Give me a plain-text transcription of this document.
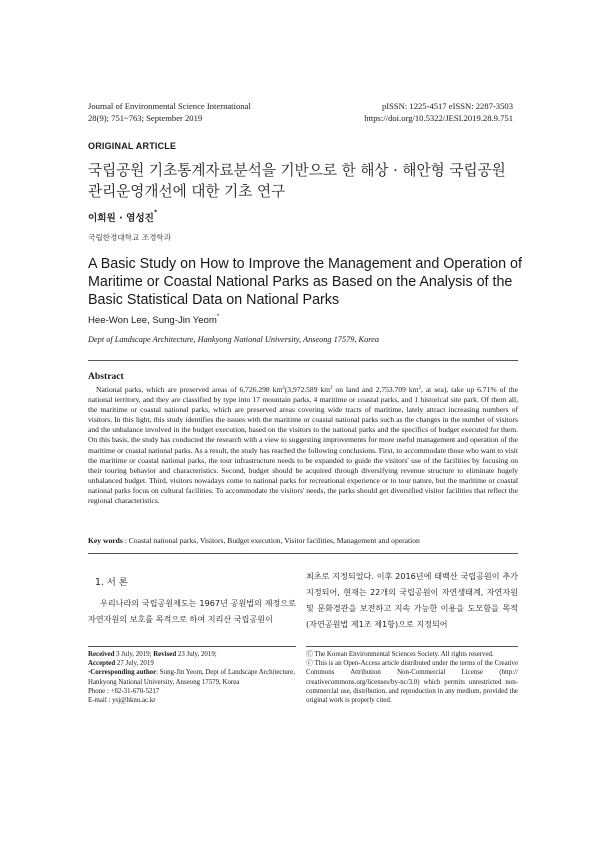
Journal of Environmental Science International
28(9); 751~763; September 2019
pISSN: 1225-4517 eISSN: 2287-3503
https://doi.org/10.5322/JESI.2019.28.9.751
ORIGINAL ARTICLE
국립공원 기초통계자료분석을 기반으로 한 해상 · 해안형 국립공원
관리운영개선에 대한 기초 연구
이희원 · 염성진*
국립한경대학교 조경학과
A Basic Study on How to Improve the Management and Operation of Maritime or Coastal National Parks as Based on the Analysis of the Basic Statistical Data on National Parks
Hee-Won Lee, Sung-Jin Yeom*
Dept of Landscape Architecture, Hankyong National University, Anseong 17579, Korea
Abstract
National parks, which are preserved areas of 6,726.298 $km^2(3,972.589$ $km^2$ on land and 2,753.709 $km^2$, at sea), take up 6.71% of the national territory, and they are classified by type into 17 mountain parks, 4 maritime or coastal parks, and 1 historical site park. Of them all, the maritime or coastal national parks, which are preserved areas covering wide tracts of maritime, lately attract increasing numbers of visitors. In this light, this study identifies the issues with the maritime or coastal national parks such as the changes in the number of visitors and the unbalance involved in the budget execution, based on the visitors to the national parks and the specifics of budget executed for them. On this basis, the study has conducted the research with a view to suggesting improvements for more useful management and operation of the maritime or coastal national parks. As a result, the study has reached the following conclusions. First, to accommodate those who want to visit the maritime or coastal national parks, the tour infrastructure needs to be expanded to guide the visitors' use of the facilities by focusing on their touring behavior and characteristics. Second, budget should be acquired through diversifying revenue structure to eliminate hugely unbalanced budget. Third, visitors nowadays come to national parks for recreational experience or to tour nature, but the maritime or coastal national parks focus on cultural facilities. To accommodate the visitors' needs, the parks should get diversified visitor facilities that reflect the regional characteristics.
Key words : Coastal national parks, Visitors, Budget execution, Visitor facilities, Management and operation
1. 서 론
우리나라의 국립공원제도는 1967년 공원법의 제정으로 자연자원의 보호를 목적으로 하여 지리산 국립공원이
최초로 지정되었다. 이후 2016년에 태백산 국립공원이 추가 지정되어, 현재는 22개의 국립공원이 자연생태계, 자연자원 및 문화경관을 보전하고 지속 가능한 이용을 도모함을 목적(자연공원법 제1조 제1항)으로 지정되어
Received 3 July, 2019; Revised 23 July, 2019;
Accepted 27 July, 2019
*Corresponding author: Sung-Jin Yeom, Dept of Landscape Architecture, Hankyong National University, Anseong 17579, Korea
Phone : +82-31-670-5217
E-mail : ysj@hknu.ac.kr
Ⓒ The Korean Environmental Sciences Society. All rights reserved.
ⓒ This is an Open-Access article distributed under the terms of the Creative Commons Attribution Non-Commercial License (http:// creativecommons.org/licenses/by-nc/3.0) which permits unrestricted non-commercial use, distribution, and reproduction in any medium, provided the original work is properly cited.
